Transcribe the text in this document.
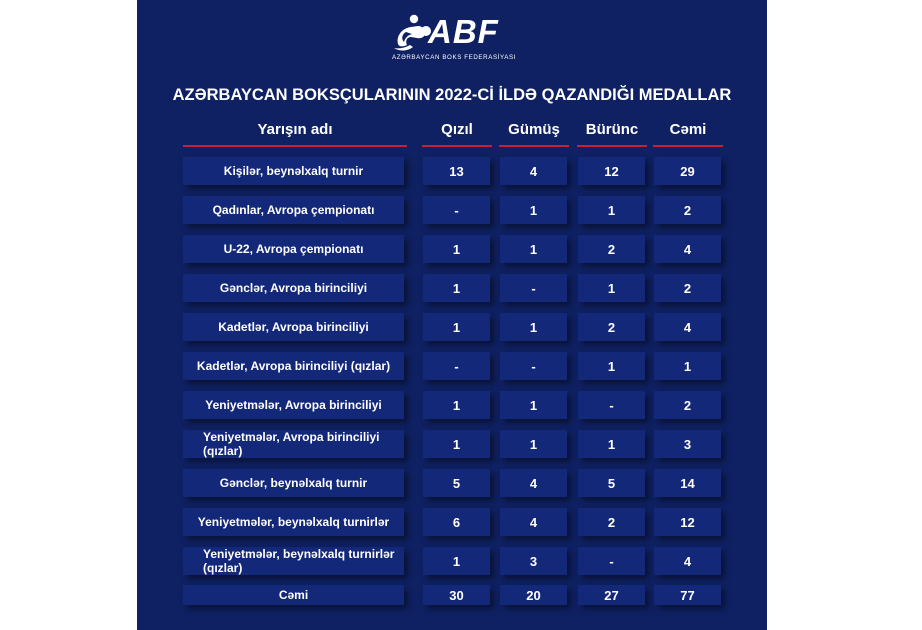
ABF
AZƏRBAYCAN BOKS FEDERASİYASI
AZƏRBAYCAN BOKSÇULARININ 2022-Cİ İLDƏ QAZANDIĞI MEDALLAR
Yarışın adı	Qızıl	Gümüş	Bürünc	Cəmi
Kişilər, beynəlxalq turnir	13	4	12	29
Qadınlar, Avropa çempionatı	-	1	1	2
U-22, Avropa çempionatı	1	1	2	4
Gənclər, Avropa birinciliyi	1	-	1	2
Kadetlər, Avropa birinciliyi	1	1	2	4
Kadetlər, Avropa birinciliyi (qızlar)	-	-	1	1
Yeniyetmələr, Avropa birinciliyi	1	1	-	2
Yeniyetmələr, Avropa birinciliyi (qızlar)	1	1	1	3
Gənclər, beynəlxalq turnir	5	4	5	14
Yeniyetmələr, beynəlxalq turnirlər	6	4	2	12
Yeniyetmələr, beynəlxalq turnirlər (qızlar)	1	3	-	4
Cəmi	30	20	27	77
